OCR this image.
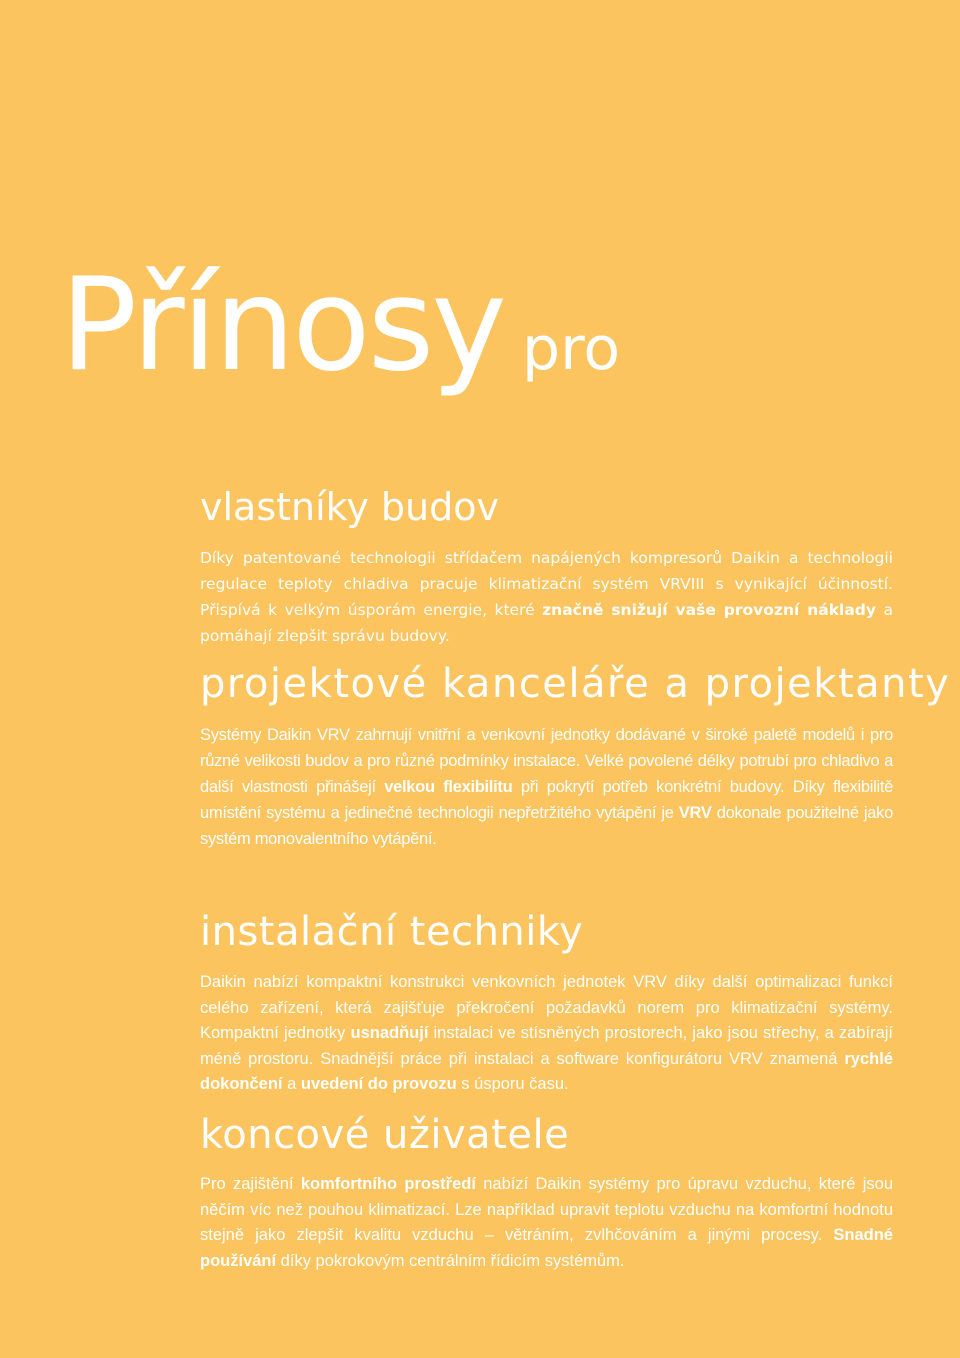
Přínosy pro
vlastníky budov

Díky patentované technologii střídačem napájených kompresorů Daikin a technologii regulace teploty chladiva pracuje klimatizační systém VRVIII s vynikající účinností. Přispívá k velkým úsporám energie, které značně snižují vaše provozní náklady a pomáhají zlepšit správu budovy.

projektové kanceláře a projektanty

Systémy Daikin VRV zahrnují vnitřní a venkovní jednotky dodávané v široké paletě modelů i pro různé velikosti budov a pro různé podmínky instalace. Velké povolené délky potrubí pro chladivo a další vlastnosti přinášejí velkou flexibilitu při pokrytí potřeb konkrétní budovy. Díky flexibilitě umístění systému a jedinečné technologii nepřetržitého vytápění je VRV dokonale použitelné jako systém monovalentního vytápění.

instalační techniky

Daikin nabízí kompaktní konstrukci venkovních jednotek VRV díky další optimalizaci funkcí celého zařízení, která zajišťuje překročení požadavků norem pro klimatizační systémy. Kompaktní jednotky usnadňují instalaci ve stísněných prostorech, jako jsou střechy, a zabírají méně prostoru. Snadnější práce při instalaci a software konfigurátoru VRV znamená rychlé dokončení a uvedení do provozu s úsporu času.

koncové uživatele

Pro zajištění komfortního prostředí nabízí Daikin systémy pro úpravu vzduchu, které jsou něčím víc než pouhou klimatizací. Lze například upravit teplotu vzduchu na komfortní hodnotu stejně jako zlepšit kvalitu vzduchu – větráním, zvlhčováním a jinými procesy. Snadné používání díky pokrokovým centrálním řídicím systémům.
